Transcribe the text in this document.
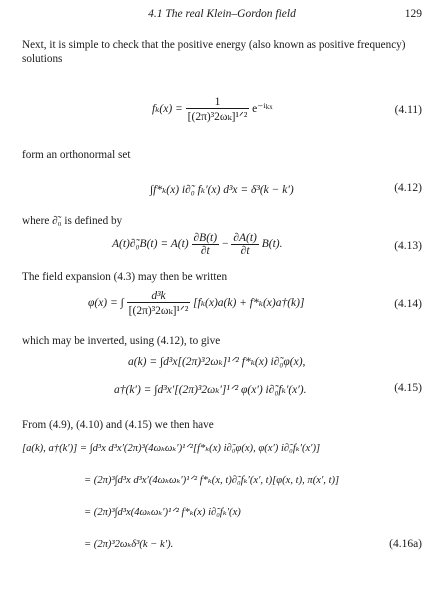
4.1 The real Klein–Gordon field	129
Next, it is simple to check that the positive energy (also known as positive frequency) solutions
$f_k(x) = \frac{1}{\text{[(2π)³2ωₖ]¹ᐟ²}}$ e⁻ⁱᵏˣ	(4.11)
form an orthonormal set
∫f*ₖ(x) i∂̃₀ fₖ′(x) d³x = δ³(k − k′)	(4.12)
where ∂̃₀ is defined by
A(t)∂̃₀B(t) = $A(t) \frac{\partial B(t)}{\partial t} - \frac{\partial A(t)}{\partial t} B(t)$.	(4.13)
The field expansion (4.3) may then be written
φ(x) = ∫ $\frac{\text{d³k}}{\text{[(2π)³2ωₖ]¹ᐟ²}} [f_k(x)a(k)$ + f*ₖ(x)a†(k)]	(4.14)
which may be inverted, using (4.12), to give
a(k) = ∫d³x[(2π)³2ωₖ]¹ᐟ² f*ₖ(x) i∂̃₀φ(x),
a†(k′) = ∫d³x′[(2π)³2ωₖ′]¹ᐟ² φ(x′) i∂̃₀fₖ′(x′).	(4.15)
From (4.9), (4.10) and (4.15) we then have
[a(k), a†(k′)] = ∫d³x d³x′(2π)³(4ωₖωₖ′)¹ᐟ²[f*ₖ(x) i∂̃₀φ(x), φ(x′) i∂̃₀fₖ′(x′)]
= (2π)³∫d³x d³x′(4ωₖωₖ′)¹ᐟ² f*ₖ(x, t)∂̃₀fₖ′(x′, t)[φ(x, t), π(x′, t)]
= (2π)³∫d³x(4ωₖωₖ′)¹ᐟ² f*ₖ(x) i∂̃₀fₖ′(x)
= (2π)³2ωₖδ³(k − k′).	(4.16a)
